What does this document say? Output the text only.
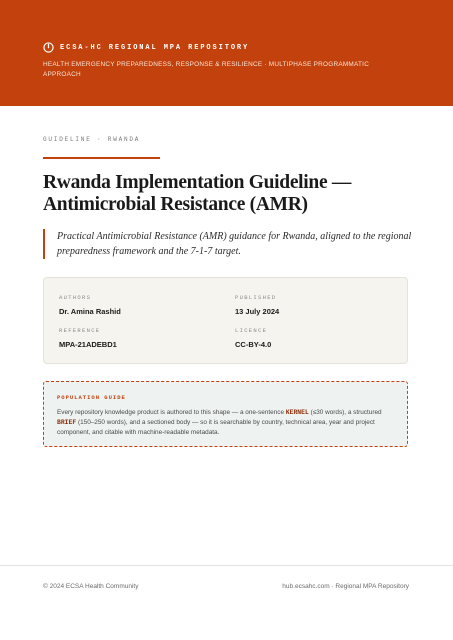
ECSA-HC REGIONAL MPA REPOSITORY
HEALTH EMERGENCY PREPAREDNESS, RESPONSE & RESILIENCE · MULTIPHASE PROGRAMMATIC APPROACH
GUIDELINE · RWANDA
Rwanda Implementation Guideline — Antimicrobial Resistance (AMR)
Practical Antimicrobial Resistance (AMR) guidance for Rwanda, aligned to the regional preparedness framework and the 7-1-7 target.
AUTHORS
Dr. Amina Rashid
PUBLISHED
13 July 2024
REFERENCE
MPA-21ADEBD1
LICENCE
CC-BY-4.0
POPULATION GUIDE
Every repository knowledge product is authored to this shape — a one-sentence KERNEL (≤30 words), a structured BRIEF (150–250 words), and a sectioned body — so it is searchable by country, technical area, year and project component, and citable with machine-readable metadata.
© 2024 ECSA Health Community	hub.ecsahc.com · Regional MPA Repository
